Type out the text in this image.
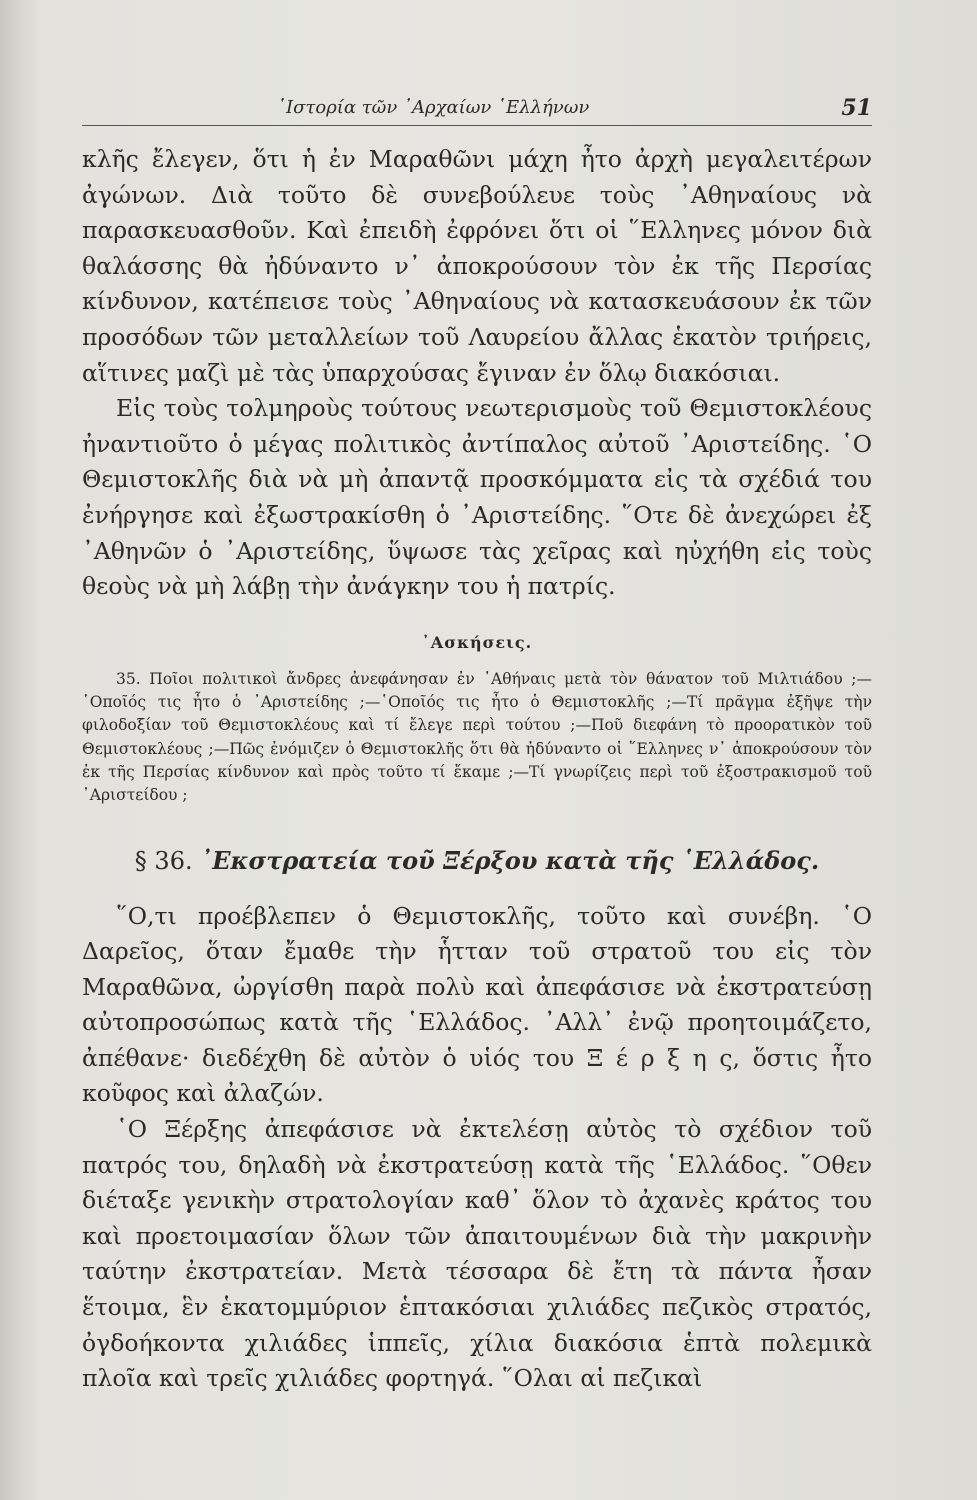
῾Ιστορία τῶν ᾿Αρχαίων ῾Ελλήνων	51

κλῆς ἔλεγεν, ὅτι ἡ ἐν Μαραθῶνι μάχη ἦτο ἀρχὴ μεγαλειτέρων ἀγώνων. Διὰ τοῦτο δὲ συνεβούλευε τοὺς ᾿Αθηναίους νὰ παρασκευασθοῦν. Καὶ ἐπειδὴ ἐφρόνει ὅτι οἱ ῞Ελληνες μόνον διὰ θαλάσσης θὰ ἠδύναντο ν᾿ ἀποκρούσουν τὸν ἐκ τῆς Περσίας κίνδυνον, κατέπεισε τοὺς ᾿Αθηναίους νὰ κατασκευάσουν ἐκ τῶν προσόδων τῶν μεταλλείων τοῦ Λαυρείου ἄλλας ἑκατὸν τριήρεις, αἵτινες μαζὶ μὲ τὰς ὑπαρχούσας ἔγιναν ἐν ὅλῳ διακόσιαι.

Εἰς τοὺς τολμηροὺς τούτους νεωτερισμοὺς τοῦ Θεμιστοκλέους ἠναντιοῦτο ὁ μέγας πολιτικὸς ἀντίπαλος αὐτοῦ ᾿Αριστείδης. ῾Ο Θεμιστοκλῆς διὰ νὰ μὴ ἀπαντᾷ προσκόμματα εἰς τὰ σχέδιά του ἐνήργησε καὶ ἐξωστρακίσθη ὁ ᾿Αριστείδης. ῞Οτε δὲ ἀνεχώρει ἐξ ᾿Αθηνῶν ὁ ᾿Αριστείδης, ὕψωσε τὰς χεῖρας καὶ ηὐχήθη εἰς τοὺς θεοὺς νὰ μὴ λάβῃ τὴν ἀνάγκην του ἡ πατρίς.

᾿Ασκήσεις.

35. Ποῖοι πολιτικοὶ ἄνδρες ἀνεφάνησαν ἐν ᾿Αθήναις μετὰ τὸν θάνατον τοῦ Μιλτιάδου ;—῾Οποῖός τις ἦτο ὁ ᾿Αριστείδης ;—῾Οποῖός τις ἦτο ὁ Θεμιστοκλῆς ;—Τί πρᾶγμα ἐξῆψε τὴν φιλοδοξίαν τοῦ Θεμιστοκλέους καὶ τί ἔλεγε περὶ τούτου ;—Ποῦ διεφάνη τὸ προορατικὸν τοῦ Θεμιστοκλέους ;—Πῶς ἐνόμιζεν ὁ Θεμιστοκλῆς ὅτι θὰ ἠδύναντο οἱ ῞Ελληνες ν᾿ ἀποκρούσουν τὸν ἐκ τῆς Περσίας κίνδυνον καὶ πρὸς τοῦτο τί ἔκαμε ;—Τί γνωρίζεις περὶ τοῦ ἐξοστρακισμοῦ τοῦ ᾿Αριστείδου ;

§ 36. ᾿Εκστρατεία τοῦ Ξέρξου κατὰ τῆς ῾Ελλάδος.

῞Ο,τι προέβλεπεν ὁ Θεμιστοκλῆς, τοῦτο καὶ συνέβη. ῾Ο Δαρεῖος, ὅταν ἔμαθε τὴν ἧτταν τοῦ στρατοῦ του εἰς τὸν Μαραθῶνα, ὠργίσθη παρὰ πολὺ καὶ ἀπεφάσισε νὰ ἐκστρατεύσῃ αὐτοπροσώπως κατὰ τῆς ῾Ελλάδος. ᾿Αλλ᾿ ἐνῷ προητοιμάζετο, ἀπέθανε· διεδέχθη δὲ αὐτὸν ὁ υἱός του Ξ έ ρ ξ η ς, ὅστις ἦτο κοῦφος καὶ ἀλαζών.

῾Ο Ξέρξης ἀπεφάσισε νὰ ἐκτελέσῃ αὐτὸς τὸ σχέδιον τοῦ πατρός του, δηλαδὴ νὰ ἐκστρατεύσῃ κατὰ τῆς ῾Ελλάδος. ῞Οθεν διέταξε γενικὴν στρατολογίαν καθ᾿ ὅλον τὸ ἀχανὲς κράτος του καὶ προετοιμασίαν ὅλων τῶν ἀπαιτουμένων διὰ τὴν μακρινὴν ταύτην ἐκστρατείαν. Μετὰ τέσσαρα δὲ ἔτη τὰ πάντα ἦσαν ἕτοιμα, ἓν ἑκατομμύριον ἑπτακόσιαι χιλιάδες πεζικὸς στρατός, ὀγδοήκοντα χιλιάδες ἱππεῖς, χίλια διακόσια ἑπτὰ πολεμικὰ πλοῖα καὶ τρεῖς χιλιάδες φορτηγά. ῞Ολαι αἱ πεζικαὶ
